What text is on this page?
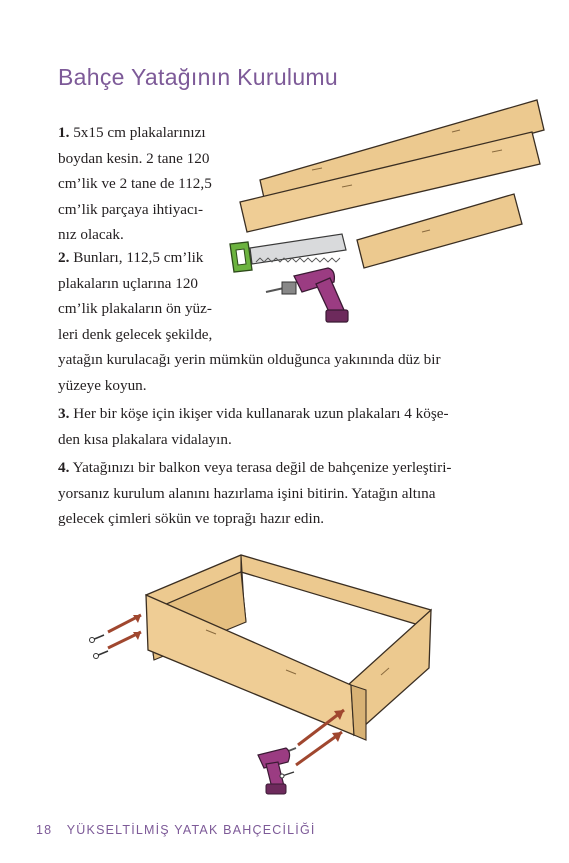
Bahçe Yatağının Kurulumu
1. 5x15 cm plakalarınızı
boydan kesin. 2 tane 120
cm’lik ve 2 tane de 112,5
cm’lik parçaya ihtiyacı-
nız olacak.
2. Bunları, 112,5 cm’lik
plakaların uçlarına 120
cm’lik plakaların ön yüz-
leri denk gelecek şekilde,
yatağın kurulacağı yerin mümkün olduğunca yakınında düz bir
yüzeye koyun.
3. Her bir köşe için ikişer vida kullanarak uzun plakaları 4 köşe-
den kısa plakalara vidalayın.
4. Yatağınızı bir balkon veya terasa değil de bahçenize yerleştiri-
yorsanız kurulum alanını hazırlama işini bitirin. Yatağın altına
gelecek çimleri sökün ve toprağı hazır edin.
18 YÜKSELTİLMİŞ YATAK BAHÇECİLİĞİ
